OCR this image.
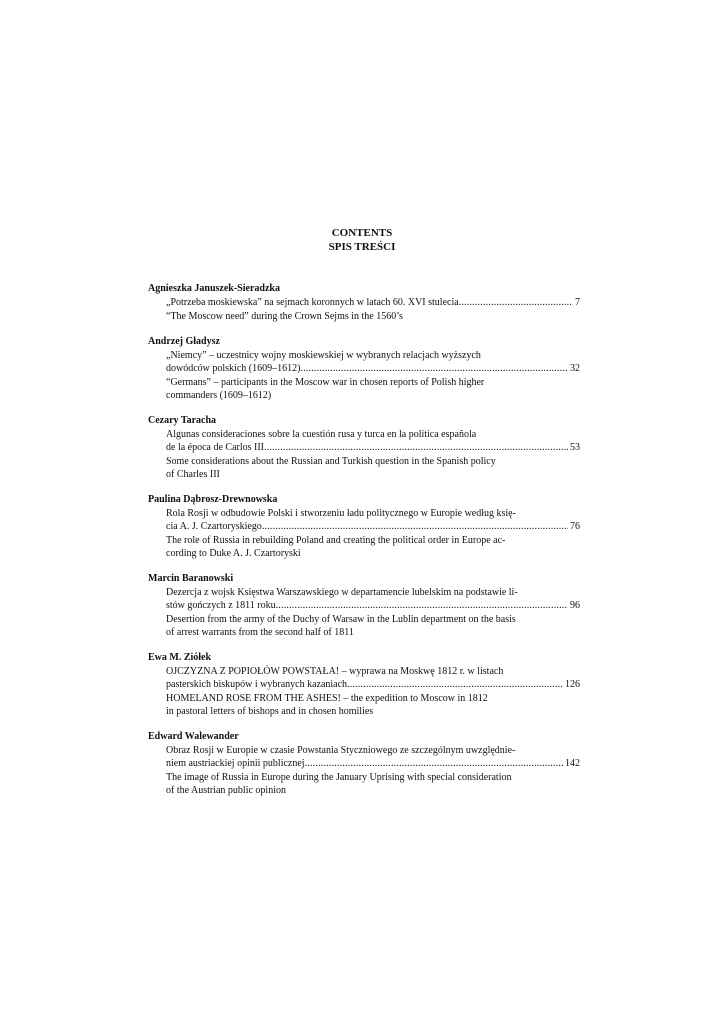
CONTENTS
SPIS TREŚCI
Agnieszka Januszek-Sieradzka
„Potrzeba moskiewska” na sejmach koronnych w latach 60. XVI stulecia .....	7
“The Moscow need” during the Crown Sejms in the 1560’s
Andrzej Gładysz
„Niemcy” – uczestnicy wojny moskiewskiej w wybranych relacjach wyższych
dowódców polskich (1609–1612) .....	32
“Germans” – participants in the Moscow war in chosen reports of Polish higher
commanders (1609–1612)
Cezary Taracha
Algunas consideraciones sobre la cuestión rusa y turca en la política española
de la época de Carlos III .....	53
Some considerations about the Russian and Turkish question in the Spanish policy
of Charles III
Paulina Dąbrosz-Drewnowska
Rola Rosji w odbudowie Polski i stworzeniu ładu politycznego w Europie według księ-
cia A. J. Czartoryskiego .....	76
The role of Russia in rebuilding Poland and creating the political order in Europe ac-
cording to Duke A. J. Czartoryski
Marcin Baranowski
Dezercja z wojsk Księstwa Warszawskiego w departamencie lubelskim na podstawie li-
stów gończych z 1811 roku .....	96
Desertion from the army of the Duchy of Warsaw in the Lublin department on the basis
of arrest warrants from the second half of 1811
Ewa M. Ziółek
OJCZYZNA Z POPIOŁÓW POWSTAŁA! – wyprawa na Moskwę 1812 r. w listach
pasterskich biskupów i wybranych kazaniach .....	126
HOMELAND ROSE FROM THE ASHES! – the expedition to Moscow in 1812
in pastoral letters of bishops and in chosen homilies
Edward Walewander
Obraz Rosji w Europie w czasie Powstania Styczniowego ze szczególnym uwzględnie-
niem austriackiej opinii publicznej .....	142
The image of Russia in Europe during the January Uprising with special consideration
of the Austrian public opinion
